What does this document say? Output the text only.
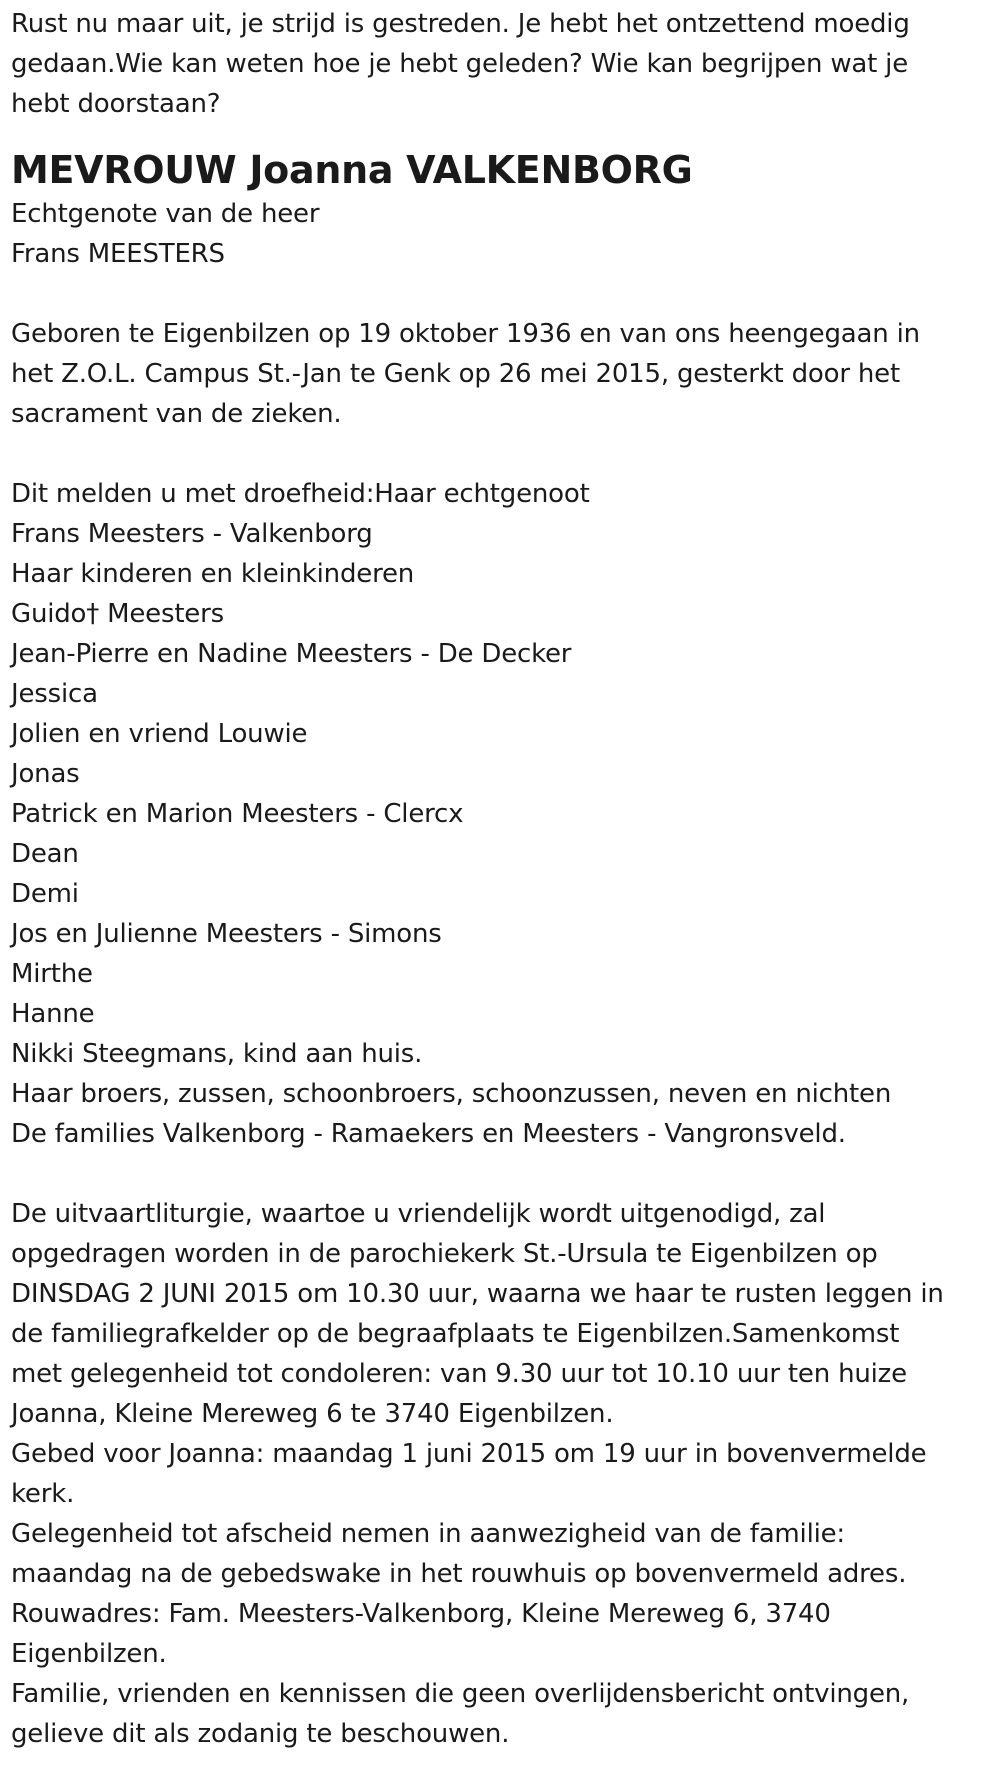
Rust nu maar uit, je strijd is gestreden. Je hebt het ontzettend moedig
gedaan.Wie kan weten hoe je hebt geleden? Wie kan begrijpen wat je
hebt doorstaan?
MEVROUW Joanna VALKENBORG
Echtgenote van de heer
Frans MEESTERS
Geboren te Eigenbilzen op 19 oktober 1936 en van ons heengegaan in
het Z.O.L. Campus St.-Jan te Genk op 26 mei 2015, gesterkt door het
sacrament van de zieken.
Dit melden u met droefheid:Haar echtgenoot
Frans Meesters - Valkenborg
Haar kinderen en kleinkinderen
Guido† Meesters
Jean-Pierre en Nadine Meesters - De Decker
Jessica
Jolien en vriend Louwie
Jonas
Patrick en Marion Meesters - Clercx
Dean
Demi
Jos en Julienne Meesters - Simons
Mirthe
Hanne
Nikki Steegmans, kind aan huis.
Haar broers, zussen, schoonbroers, schoonzussen, neven en nichten
De families Valkenborg - Ramaekers en Meesters - Vangronsveld.
De uitvaartliturgie, waartoe u vriendelijk wordt uitgenodigd, zal
opgedragen worden in de parochiekerk St.-Ursula te Eigenbilzen op
DINSDAG 2 JUNI 2015 om 10.30 uur, waarna we haar te rusten leggen in
de familiegrafkelder op de begraafplaats te Eigenbilzen.Samenkomst
met gelegenheid tot condoleren: van 9.30 uur tot 10.10 uur ten huize
Joanna, Kleine Mereweg 6 te 3740 Eigenbilzen.
Gebed voor Joanna: maandag 1 juni 2015 om 19 uur in bovenvermelde
kerk.
Gelegenheid tot afscheid nemen in aanwezigheid van de familie:
maandag na de gebedswake in het rouwhuis op bovenvermeld adres.
Rouwadres: Fam. Meesters-Valkenborg, Kleine Mereweg 6, 3740
Eigenbilzen.
Familie, vrienden en kennissen die geen overlijdensbericht ontvingen,
gelieve dit als zodanig te beschouwen.
